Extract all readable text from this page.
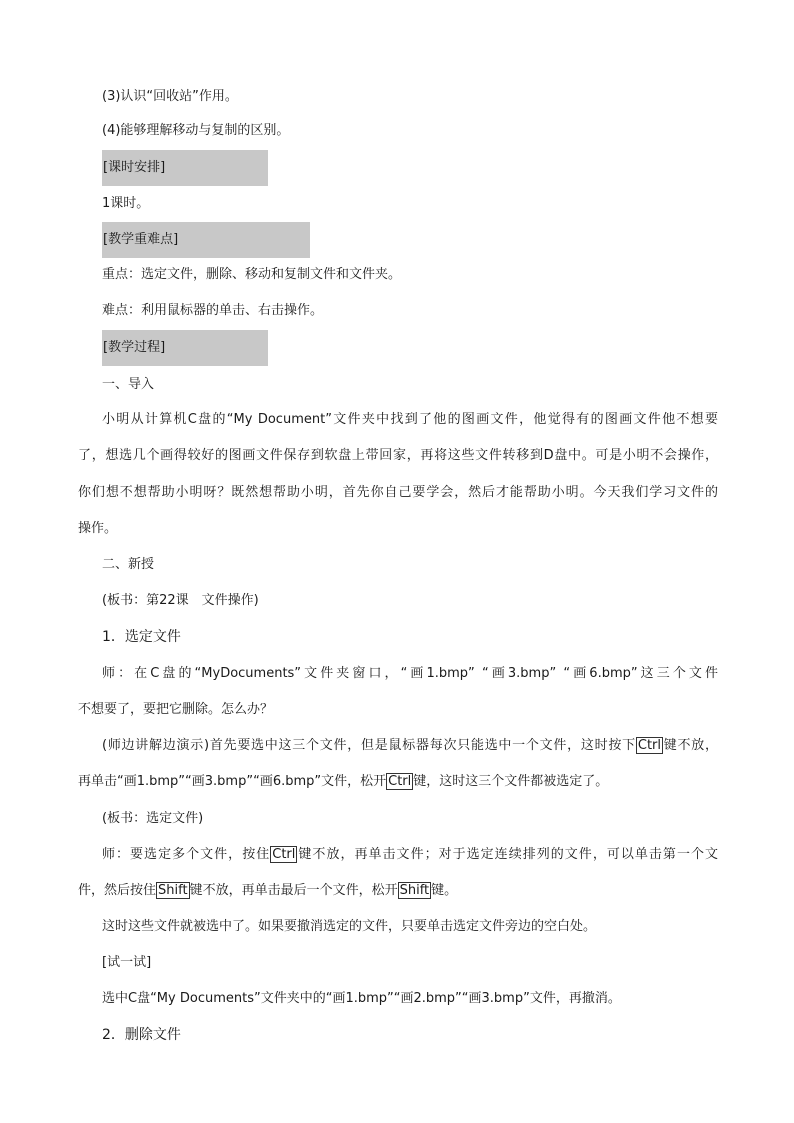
(3)认识“回收站”作用。
(4)能够理解移动与复制的区别。
[课时安排]
1课时。
[教学重难点]
重点：选定文件，删除、移动和复制文件和文件夹。
难点：利用鼠标器的单击、右击操作。
[教学过程]
一、导入
小明从计算机C盘的“My Document”文件夹中找到了他的图画文件，他觉得有的图画文件他不想要
了，想选几个画得较好的图画文件保存到软盘上带回家，再将这些文件转移到D盘中。可是小明不会操作，
你们想不想帮助小明呀？既然想帮助小明，首先你自己要学会，然后才能帮助小明。今天我们学习文件的
操作。
二、新授
(板书：第22课　文件操作)
1．选定文件
师：在C盘的“MyDocuments”文件夹窗口，“画1.bmp” “画3.bmp” “画6.bmp”这三个文件
不想要了，要把它删除。怎么办？
(师边讲解边演示)首先要选中这三个文件，但是鼠标器每次只能选中一个文件，这时按下 Ctrl 键不放，
再单击“画1.bmp”“画3.bmp”“画6.bmp”文件，松开 Ctrl 键，这时这三个文件都被选定了。
(板书：选定文件)
师：要选定多个文件，按住 Ctrl 键不放，再单击文件；对于选定连续排列的文件，可以单击第一个文
件，然后按住 Shift 键不放，再单击最后一个文件，松开 Shift 键。
这时这些文件就被选中了。如果要撤消选定的文件，只要单击选定文件旁边的空白处。
[试一试]
选中C盘“My Documents”文件夹中的“画1.bmp”“画2.bmp”“画3.bmp”文件，再撤消。
2．删除文件
